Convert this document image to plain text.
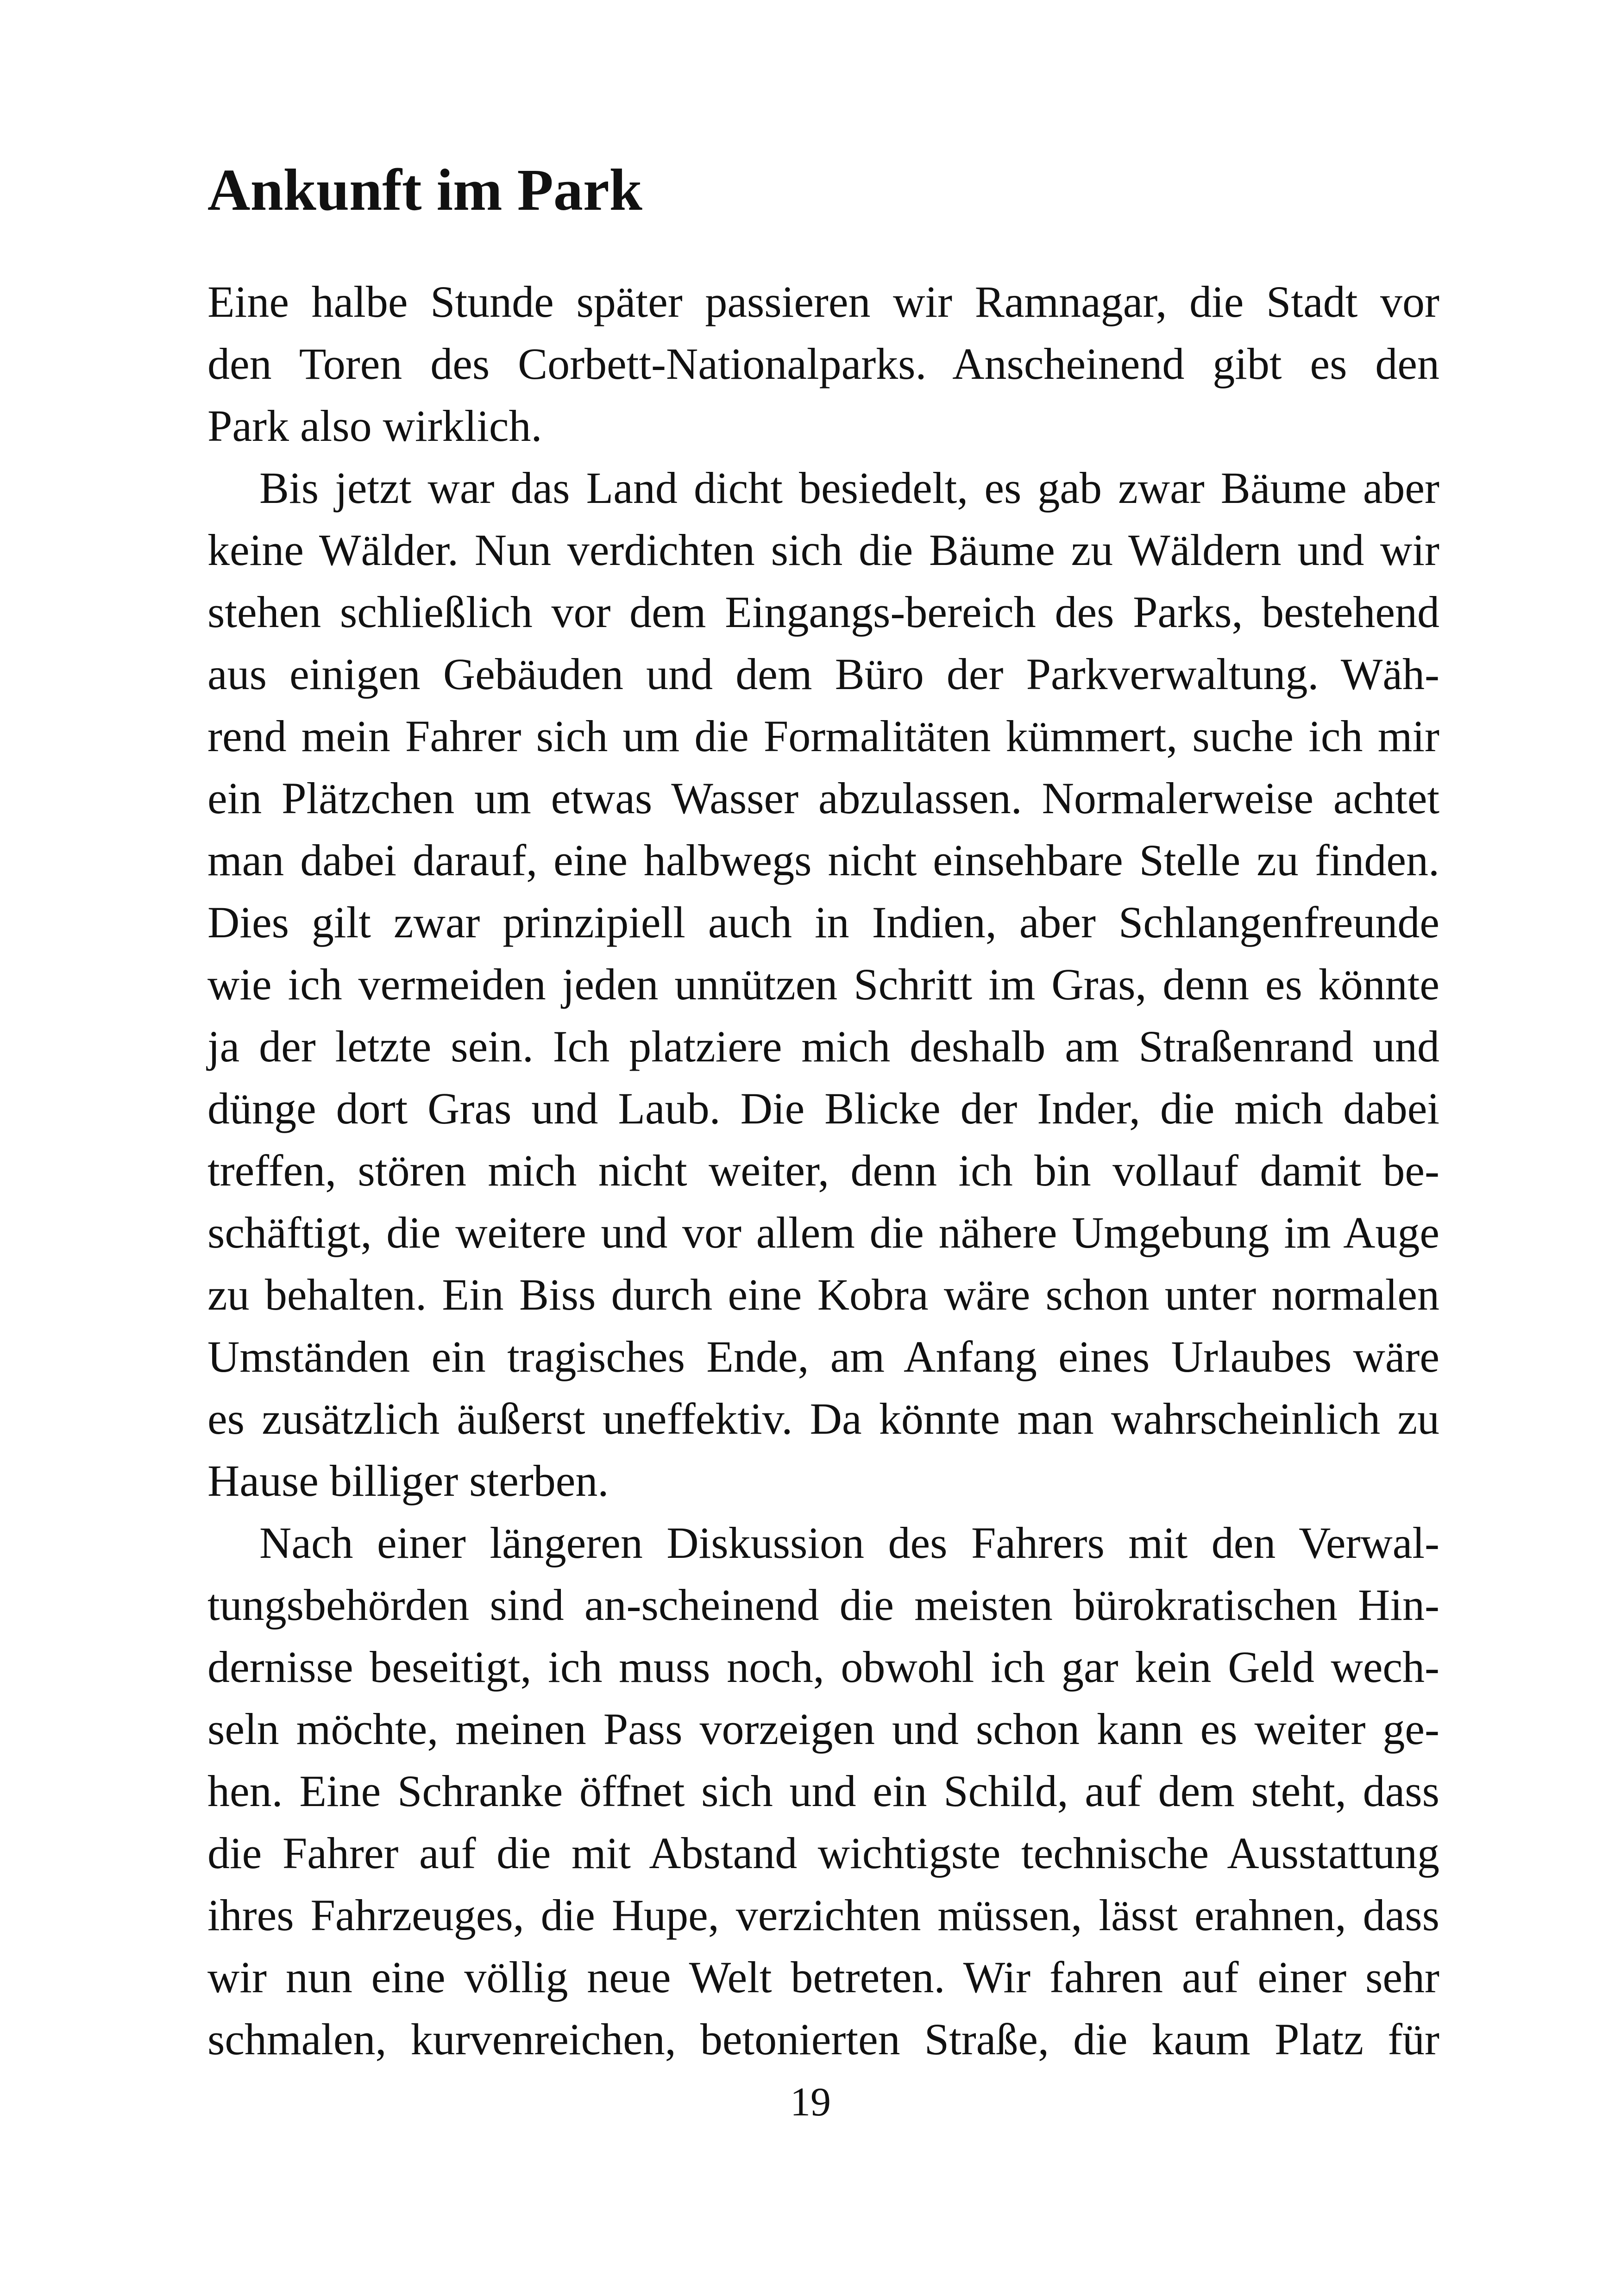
Ankunft im Park
Eine halbe Stunde später passieren wir Ramnagar, die Stadt vor
den Toren des Corbett-Nationalparks. Anscheinend gibt es den
Park also wirklich.
Bis jetzt war das Land dicht besiedelt, es gab zwar Bäume aber
keine Wälder. Nun verdichten sich die Bäume zu Wäldern und wir
stehen schließlich vor dem Eingangs-bereich des Parks, bestehend
aus einigen Gebäuden und dem Büro der Parkverwaltung. Wäh-
rend mein Fahrer sich um die Formalitäten kümmert, suche ich mir
ein Plätzchen um etwas Wasser abzulassen. Normalerweise achtet
man dabei darauf, eine halbwegs nicht einsehbare Stelle zu finden.
Dies gilt zwar prinzipiell auch in Indien, aber Schlangenfreunde
wie ich vermeiden jeden unnützen Schritt im Gras, denn es könnte
ja der letzte sein. Ich platziere mich deshalb am Straßenrand und
dünge dort Gras und Laub. Die Blicke der Inder, die mich dabei
treffen, stören mich nicht weiter, denn ich bin vollauf damit be-
schäftigt, die weitere und vor allem die nähere Umgebung im Auge
zu behalten. Ein Biss durch eine Kobra wäre schon unter normalen
Umständen ein tragisches Ende, am Anfang eines Urlaubes wäre
es zusätzlich äußerst uneffektiv. Da könnte man wahrscheinlich zu
Hause billiger sterben.
Nach einer längeren Diskussion des Fahrers mit den Verwal-
tungsbehörden sind an-scheinend die meisten bürokratischen Hin-
dernisse beseitigt, ich muss noch, obwohl ich gar kein Geld wech-
seln möchte, meinen Pass vorzeigen und schon kann es weiter ge-
hen. Eine Schranke öffnet sich und ein Schild, auf dem steht, dass
die Fahrer auf die mit Abstand wichtigste technische Ausstattung
ihres Fahrzeuges, die Hupe, verzichten müssen, lässt erahnen, dass
wir nun eine völlig neue Welt betreten. Wir fahren auf einer sehr
schmalen, kurvenreichen, betonierten Straße, die kaum Platz für

19
